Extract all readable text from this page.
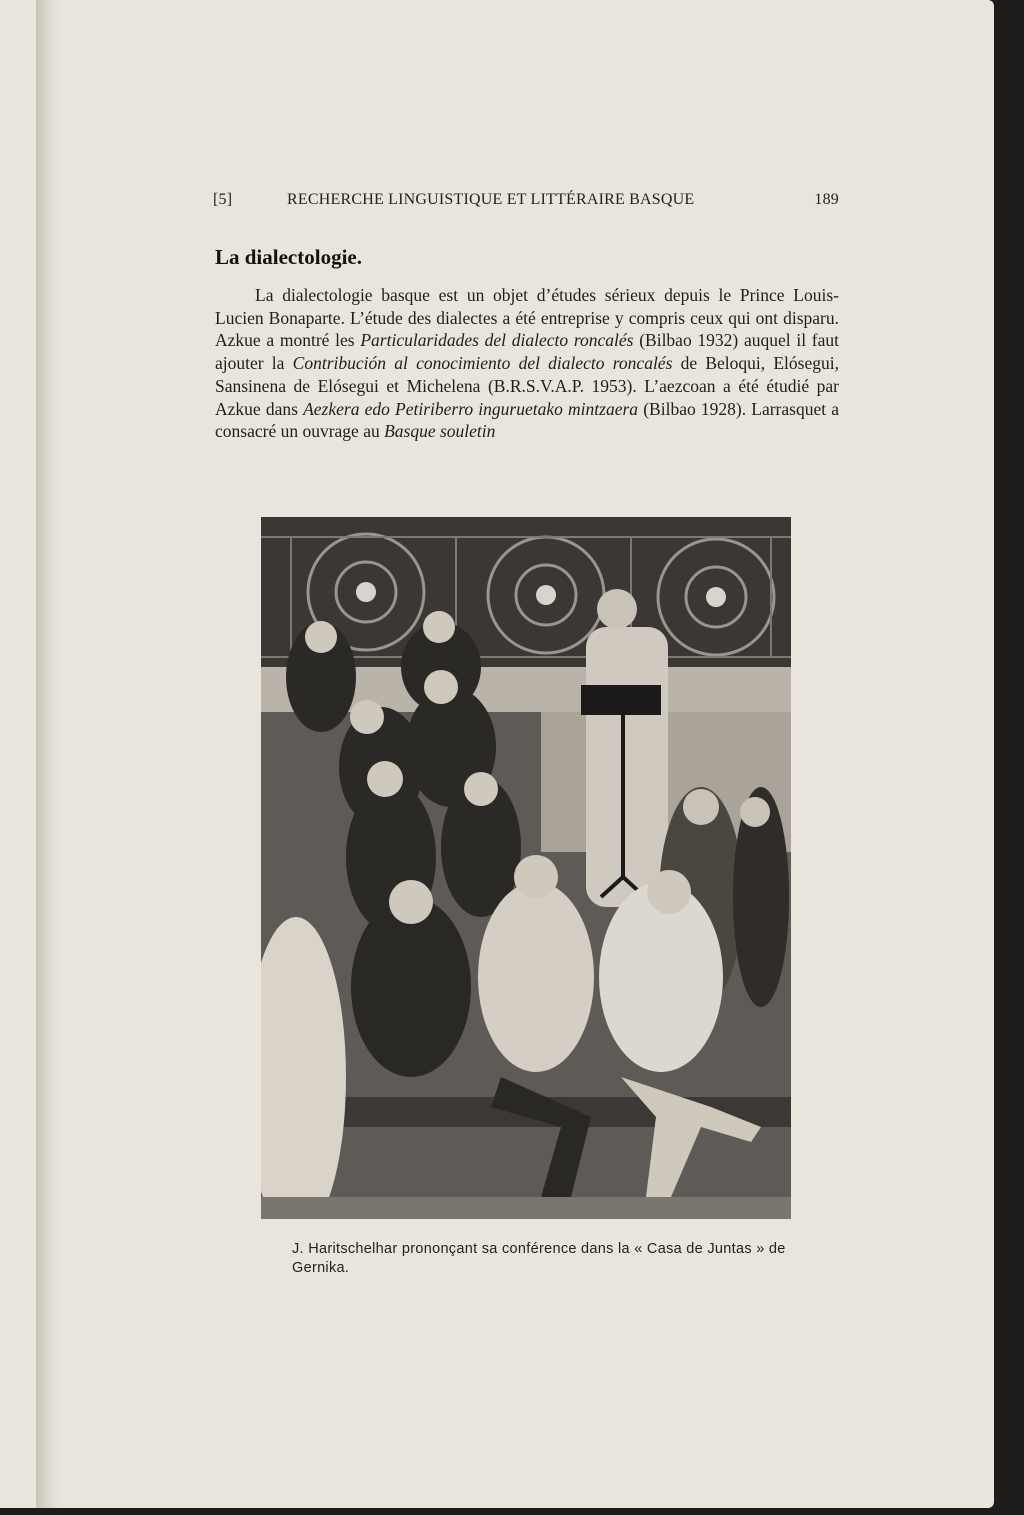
[5]	RECHERCHE LINGUISTIQUE ET LITTÉRAIRE BASQUE	189
La dialectologie.

La dialectologie basque est un objet d’études sérieux depuis le Prince Louis-Lucien Bonaparte. L’étude des dialectes a été entreprise y compris ceux qui ont disparu. Azkue a montré les Particularidades del dialecto roncalés (Bilbao 1932) auquel il faut ajouter la Contribución al conocimiento del dialecto roncalés de Beloqui, Elósegui, Sansinena de Elósegui et Michelena (B.R.S.V.A.P. 1953). L’aezcoan a été étudié par Azkue dans Aezkera edo Petiriberro inguruetako mintzaera (Bilbao 1928). Larrasquet a consacré un ouvrage au Basque souletin

J. Haritschelhar prononçant sa conférence dans la « Casa de Juntas » de Gernika.
